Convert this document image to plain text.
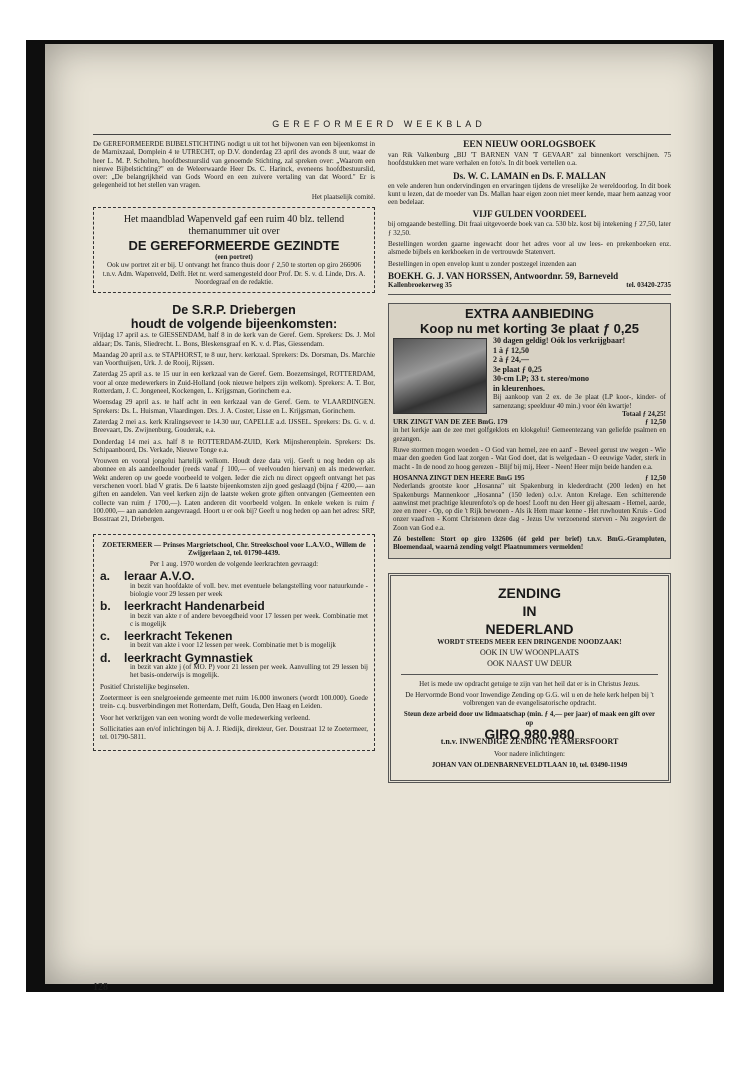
GEREFORMEERD WEEKBLAD

De GEREFORMEERDE BIJBELSTICHTING nodigt u uit tot het bijwonen van een bijeenkomst in de Marnixzaal, Domplein 4 te UTRECHT, op D.V. donderdag 23 april des avonds 8 uur, waar de heer L. M. P. Scholten, hoofdbestuurslid van genoemde Stichting, zal spreken over: „Waarom een nieuwe Bijbelstichting?" en de Weleerwaarde Heer Ds. C. Harinck, eveneens hoofdbestuurslid, over: „De belangrijkheid van Gods Woord en een zuivere vertaling van dat Woord." Er is gelegenheid tot het stellen van vragen.

Het plaatselijk comité.

Het maandblad Wapenveld gaf een ruim 40 blz. tellend themanummer uit over
DE GEREFORMEERDE GEZINDTE
(een portret)
Ook uw portret zit er bij. U ontvangt het franco thuis door ƒ 2,50 te storten op giro 266906 t.n.v. Adm. Wapenveld, Delft. Het nr. werd samengesteld door Prof. Dr. S. v. d. Linde, Drs. A. Noordegraaf en de redaktie.
De S.R.P. Driebergen
houdt de volgende bijeenkomsten:

Vrijdag 17 april a.s. te GIESSENDAM, half 8 in de kerk van de Geref. Gem. Sprekers: Ds. J. Mol aldaar; Ds. Tanis, Sliedrecht. L. Bons, Bleskensgraaf en K. v. d. Plas, Giessendam.

Maandag 20 april a.s. te STAPHORST, te 8 uur, herv. kerkzaal. Sprekers: Ds. Dorsman, Ds. Marchie van Voorthuijsen, Urk. J. de Rooij, Rijssen.

Zaterdag 25 april a.s. te 15 uur in een kerkzaal van de Geref. Gem. Boezemsingel, ROTTERDAM, voor al onze medewerkers in Zuid-Holland (ook nieuwe helpers zijn welkom). Sprekers: A. T. Bor, Rotterdam, J. C. Jongeneel, Kockengen, L. Krijgsman, Gorinchem e.a.

Woensdag 29 april a.s. te half acht in een kerkzaal van de Geref. Gem. te VLAARDINGEN. Sprekers: Ds. L. Huisman, Vlaardingen. Drs. J. A. Coster, Lisse en L. Krijgsman, Gorinchem.

Zaterdag 2 mei a.s. kerk Kralingseveer te 14.30 uur, CAPELLE a.d. IJSSEL. Sprekers: Ds. G. v. d. Breevaart, Ds. Zwijnenburg, Gouderak, e.a.

Donderdag 14 mei a.s. half 8 te ROTTERDAM-ZUID, Kerk Mijnsherenplein. Sprekers: Ds. Schipaanboord, Ds. Verkade, Nieuwe Tonge e.a.

Vrouwen en vooral jongelui hartelijk welkom. Houdt deze data vrij. Geeft u nog heden op als abonnee en als aandeelhouder (reeds vanaf ƒ 100,— of veelvouden hiervan) en als medewerker. Wekt anderen op uw goede voorbeeld te volgen. Ieder die zich nu direct opgeeft ontvangt het pas verschenen voorl. blad V gratis. De 6 laatste bijeenkomsten zijn goed geslaagd (bijna ƒ 4200,— aan giften en aandelen. Van veel kerken zijn de laatste weken grote giften ontvangen (Gemeenten een collecte van ruim ƒ 1700,—). Laten anderen dit voorbeeld volgen. In enkele weken is ruim ƒ 100.000,— aan aandelen aangevraagd. Hoort u er ook bij? Geeft u nog heden op aan het adres: SRP, Bosstraat 21, Driebergen.

ZOETERMEER — Prinses Margrietschool, Chr. Streekschool voor L.A.V.O., Willem de Zwijgerlaan 2, tel. 01790-4439.

Per 1 aug. 1970 worden de volgende leerkrachten gevraagd:

a. leraar A.V.O.

in bezit van hoofdakte of voll. bev. met eventuele belangstelling voor natuurkunde - biologie voor 29 lessen per week

b. leerkracht Handenarbeid

in bezit van akte r of andere bevoegdheid voor 17 lessen per week. Combinatie met c is mogelijk

c. leerkracht Tekenen

in bezit van akte i voor 12 lessen per week. Combinatie met b is mogelijk

d. leerkracht Gymnastiek

in bezit van akte j (of MO. P) voor 21 lessen per week. Aanvulling tot 29 lessen bij het basis-onderwijs is mogelijk.

Positief Christelijke beginselen.

Zoetermeer is een snelgroeiende gemeente met ruim 16.000 inwoners (wordt 100.000). Goede trein- c.q. busverbindingen met Rotterdam, Delft, Gouda, Den Haag en Leiden.

Voor het verkrijgen van een woning wordt de volle medewerking verleend.

Sollicitaties aan en/of inlichtingen bij A. J. Riedijk, direkteur, Ger. Doustraat 12 te Zoetermeer, tel. 01790-5811.

EEN NIEUW OORLOGSBOEK

van Rik Valkenburg „BIJ 'T BARNEN VAN 'T GEVAAR" zal binnenkort verschijnen. 75 hoofdstukken met ware verhalen en foto's. In dit boek vertellen o.a.

Ds. W. C. LAMAIN en Ds. F. MALLAN

en vele anderen hun ondervindingen en ervaringen tijdens de vreselijke 2e wereldoorlog. In dit boek kunt u lezen, dat de moeder van Ds. Mallan haar eigen zoon niet meer kende, maar hem aanzag voor een bedelaar.

VIJF GULDEN VOORDEEL

bij omgaande bestelling. Dit fraai uitgevoerde boek van ca. 530 blz. kost bij intekening ƒ 27,50, later ƒ 32,50.

Bestellingen worden gaarne ingewacht door het adres voor al uw lees- en prekenboeken enz. alsmede bijbels en kerkboeken in de vertrouwde Statenvert.

Bestellingen in open envelop kunt u zonder postzegel inzenden aan

BOEKH. G. J. VAN HORSSEN, Antwoordnr. 59, Barneveld
Kallenbroekerweg 35	tel. 03420-2735
EXTRA AANBIEDING
Koop nu met korting 3e plaat ƒ 0,25
30 dagen geldig! Oók los verkrijgbaar!
1 à ƒ 12,50
2 à ƒ 24,—
3e plaat ƒ 0,25
30-cm LP; 33 t. stereo/mono
in kleurenhoes.
Bij aankoop van 2 ex. de 3e plaat (LP koor-, kinder- of samenzang; speelduur 40 min.) voor één kwartje!
Totaal ƒ 24,25!
URK ZINGT VAN DE ZEE BmG. 179	ƒ 12,50

in het kerkje aan de zee met golfgeklots en klokgelui! Gemeentezang van geliefde psalmen en gezangen.

Ruwe stormen mogen woeden - O God van hemel, zee en aard' - Beveel gerust uw wegen - Wie maar den goeden God laat zorgen - Wat God doet, dat is welgedaan - O eeuwige Vader, sterk in macht - In de nood zo hoog gerezen - Blijf bij mij, Heer - Neen! Heer mijn beide handen e.a.

HOSANNA ZINGT DEN HEERE BmG 195	ƒ 12,50

Nederlands grootste koor „Hosanna" uit Spakenburg in klederdracht (200 leden) en het Spakenburgs Mannenkoor „Hosanna" (150 leden) o.l.v. Anton Krelage. Een schitterende aanwinst met prachtige kleurenfoto's op de hoes! Looft nu den Heer gij altesaam - Hemel, aarde, zee en meer - Op, op die 't Rijk bewonen - Als ik Hem maar kenne - Het ruwhouten Kruis - God onzer vaad'ren - Komt Christenen deze dag - Jezus Uw verzoenend sterven - Nu zegeviert de Zoon van God e.a.

Zó bestellen: Stort op giro 132606 (óf geld per brief) t.n.v. BmG.-Grampluten, Bloemendaal, waarná zending volgt! Plaatnummers vermelden!

ZENDING
IN
NEDERLAND

WORDT STEEDS MEER EEN DRINGENDE NOODZAAK!

OOK IN UW WOONPLAATS

OOK NAAST UW DEUR

Het is mede uw opdracht getuige te zijn van het heil dat er is in Christus Jezus.

De Hervormde Bond voor Inwendige Zending op G.G. wil u en de hele kerk helpen bij 't volbrengen van de evangelisatorische opdracht.

Steun deze arbeid door uw lidmaatschap (min. ƒ 4,— per jaar) of maak een gift over op

GIRO 980.980

t.n.v. INWENDIGE ZENDING TE AMERSFOORT

Voor nadere inlichtingen:

JOHAN VAN OLDENBARNEVELDTLAAN 10, tel. 03490-11949

128
